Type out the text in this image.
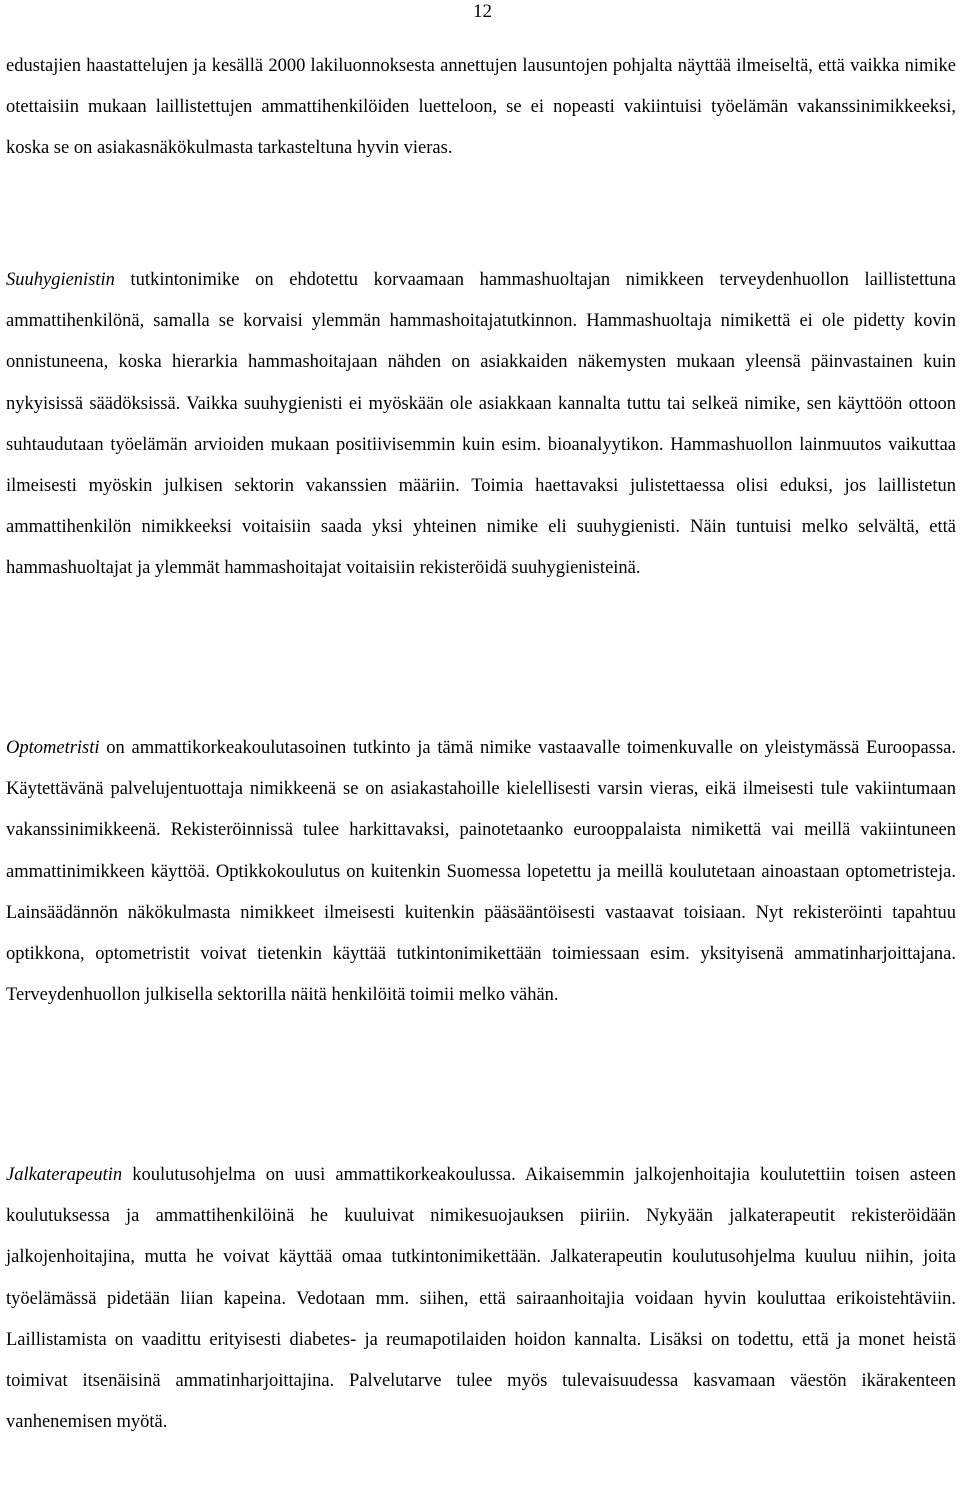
12

edustajien haastattelujen ja kesällä 2000 lakiluonnoksesta annettujen lausuntojen pohjalta näyttää ilmeiseltä, että vaikka nimike otettaisiin mukaan laillistettujen ammattihenkilöiden luetteloon, se ei nopeasti vakiintuisi työelämän vakanssinimikkeeksi, koska se on asiakasnäkökulmasta tarkasteltuna hyvin vieras.

Suuhygienistin tutkintonimike on ehdotettu korvaamaan hammashuoltajan nimikkeen terveydenhuollon laillistettuna ammattihenkilönä, samalla se korvaisi ylemmän hammashoitajatutkinnon. Hammashuoltaja nimikettä ei ole pidetty kovin onnistuneena, koska hierarkia hammashoitajaan nähden on asiakkaiden näkemysten mukaan yleensä päinvastainen kuin nykyisissä säädöksissä. Vaikka suuhygienisti ei myöskään ole asiakkaan kannalta tuttu tai selkeä nimike, sen käyttöön ottoon suhtaudutaan työelämän arvioiden mukaan positiivisemmin kuin esim. bioanalyytikon. Hammashuollon lainmuutos vaikuttaa ilmeisesti myöskin julkisen sektorin vakanssien määriin. Toimia haettavaksi julistettaessa olisi eduksi, jos laillistetun ammattihenkilön nimikkeeksi voitaisiin saada yksi yhteinen nimike eli suuhygienisti. Näin tuntuisi melko selvältä, että hammashuoltajat ja ylemmät hammashoitajat voitaisiin rekisteröidä suuhygienisteinä.

Optometristi on ammattikorkeakoulutasoinen tutkinto ja tämä nimike vastaavalle toimenkuvalle on yleistymässä Euroopassa. Käytettävänä palvelujentuottaja nimikkeenä se on asiakastahoille kielellisesti varsin vieras, eikä ilmeisesti tule vakiintumaan vakanssinimikkeenä. Rekisteröinnissä tulee harkittavaksi, painotetaanko eurooppalaista nimikettä vai meillä vakiintuneen ammattinimikkeen käyttöä. Optikkokoulutus on kuitenkin Suomessa lopetettu ja meillä koulutetaan ainoastaan optometristeja. Lainsäädännön näkökulmasta nimikkeet ilmeisesti kuitenkin pääsääntöisesti vastaavat toisiaan. Nyt rekisteröinti tapahtuu optikkona, optometristit voivat tietenkin käyttää tutkintonimikettään toimiessaan esim. yksityisenä ammatinharjoittajana. Terveydenhuollon julkisella sektorilla näitä henkilöitä toimii melko vähän.

Jalkaterapeutin koulutusohjelma on uusi ammattikorkeakoulussa. Aikaisemmin jalkojenhoitajia koulutettiin toisen asteen koulutuksessa ja ammattihenkilöinä he kuuluivat nimikesuojauksen piiriin. Nykyään jalkaterapeutit rekisteröidään jalkojenhoitajina, mutta he voivat käyttää omaa tutkintonimikettään. Jalkaterapeutin koulutusohjelma kuuluu niihin, joita työelämässä pidetään liian kapeina. Vedotaan mm. siihen, että sairaanhoitajia voidaan hyvin kouluttaa erikoistehtäviin. Laillistamista on vaadittu erityisesti diabetes- ja reumapotilaiden hoidon kannalta. Lisäksi on todettu, että ja monet heistä toimivat itsenäisinä ammatinharjoittajina. Palvelutarve tulee myös tulevaisuudessa kasvamaan väestön ikärakenteen vanhenemisen myötä.
